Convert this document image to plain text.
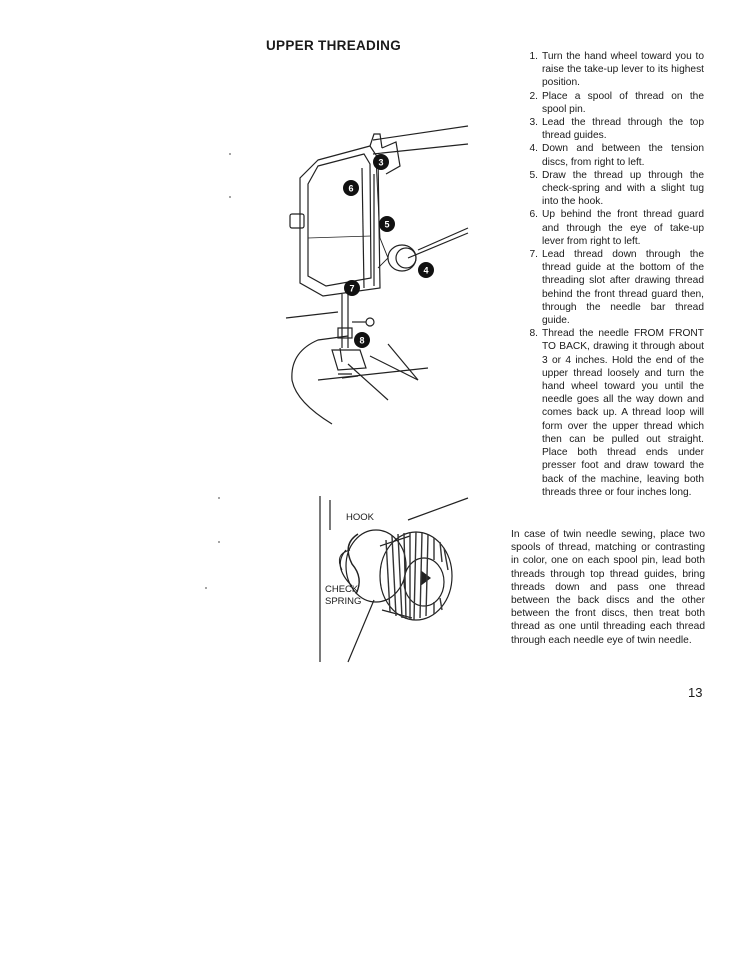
UPPER THREADING
3
6
5
4
7
8
HOOK
CHECK
SPRING
1. Turn the hand wheel toward you to raise the take-up lever to its highest position.
2. Place a spool of thread on the spool pin.
3. Lead the thread through the top thread guides.
4. Down and between the tension discs, from right to left.
5. Draw the thread up through the check-spring and with a slight tug into the hook.
6. Up behind the front thread guard and through the eye of take-up lever from right to left.
7. Lead thread down through the thread guide at the bottom of the threading slot after drawing thread behind the front thread guard then, through the needle bar thread guide.
8. Thread the needle FROM FRONT TO BACK, drawing it through about 3 or 4 inches. Hold the end of the upper thread loosely and turn the hand wheel toward you until the needle goes all the way down and comes back up. A thread loop will form over the upper thread which then can be pulled out straight. Place both thread ends under presser foot and draw toward the back of the machine, leaving both threads three or four inches long.
In case of twin needle sewing, place two spools of thread, matching or contrasting in color, one on each spool pin, lead both threads through top thread guides, bring threads down and pass one thread between the back discs and the other between the front discs, then treat both thread as one until threading each thread through each needle eye of twin needle.
13
